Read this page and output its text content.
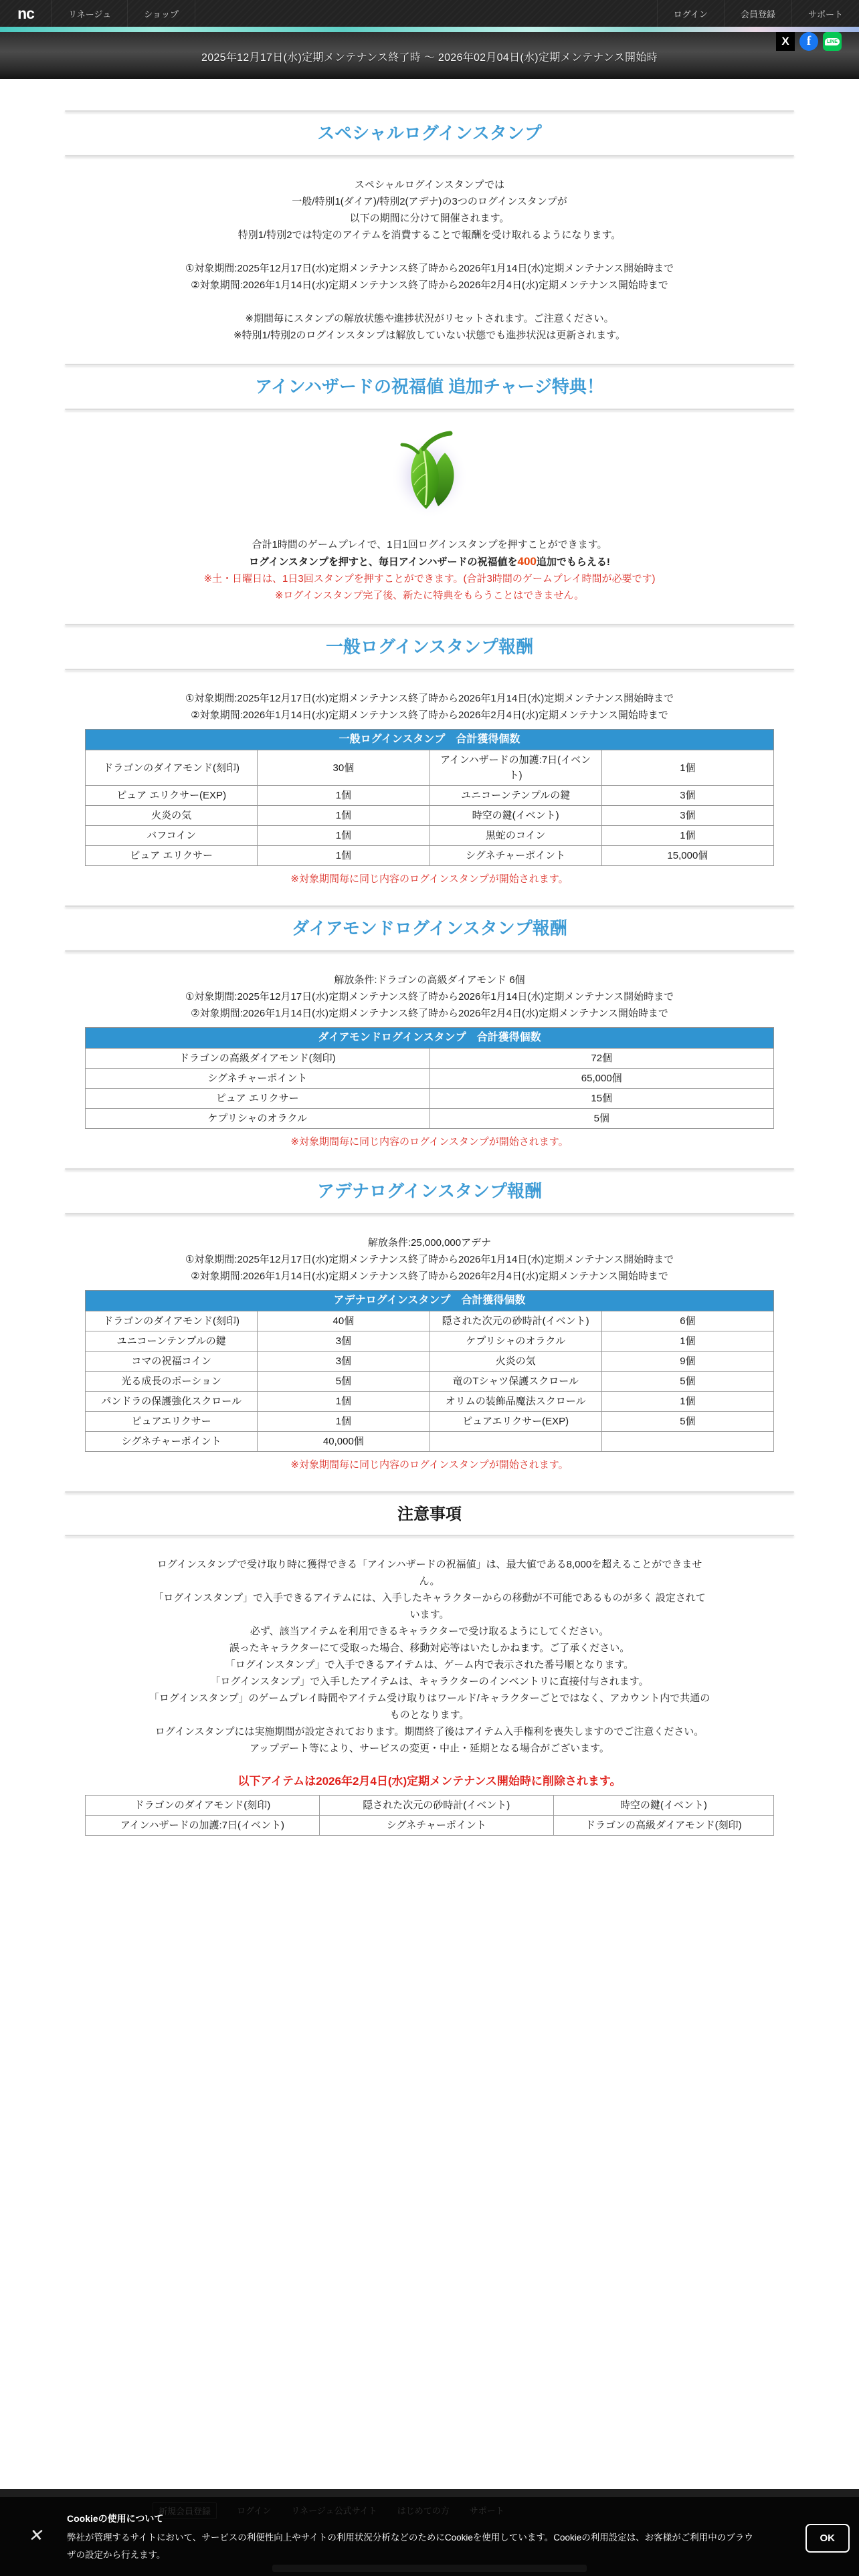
nc	リネージュ	ショップ	ログイン	会員登録	サポート
2025年12月17日(水)定期メンテナンス終了時 ～ 2026年02月04日(水)定期メンテナンス開始時
X	f	LINE
スペシャルログインスタンプ
スペシャルログインスタンプでは
一般/特別1(ダイア)/特別2(アデナ)の3つのログインスタンプが
以下の期間に分けて開催されます。
特別1/特別2では特定のアイテムを消費することで報酬を受け取れるようになります。
①対象期間:2025年12月17日(水)定期メンテナンス終了時から2026年1月14日(水)定期メンテナンス開始時まで
②対象期間:2026年1月14日(水)定期メンテナンス終了時から2026年2月4日(水)定期メンテナンス開始時まで
※期間毎にスタンプの解放状態や進捗状況がリセットされます。ご注意ください。
※特別1/特別2のログインスタンプは解放していない状態でも進捗状況は更新されます。
アインハザードの祝福値 追加チャージ特典！
合計1時間のゲームプレイで、1日1回ログインスタンプを押すことができます。
ログインスタンプを押すと、毎日アインハザードの祝福値を400追加でもらえる!
※土・日曜日は、1日3回スタンプを押すことができます。(合計3時間のゲームプレイ時間が必要です)
※ログインスタンプ完了後、新たに特典をもらうことはできません。
一般ログインスタンプ報酬
①対象期間:2025年12月17日(水)定期メンテナンス終了時から2026年1月14日(水)定期メンテナンス開始時まで
②対象期間:2026年1月14日(水)定期メンテナンス終了時から2026年2月4日(水)定期メンテナンス開始時まで
一般ログインスタンプ　合計獲得個数			
ドラゴンのダイアモンド(刻印)	30個	アインハザードの加護:7日(イベント)	1個
ピュア エリクサー(EXP)	1個	ユニコーンテンプルの鍵	3個
火炎の気	1個	時空の鍵(イベント)	3個
バフコイン	1個	黒蛇のコイン	1個
ピュア エリクサー	1個	シグネチャーポイント	15,000個
※対象期間毎に同じ内容のログインスタンプが開始されます。
ダイアモンドログインスタンプ報酬
解放条件:ドラゴンの高級ダイアモンド 6個
①対象期間:2025年12月17日(水)定期メンテナンス終了時から2026年1月14日(水)定期メンテナンス開始時まで
②対象期間:2026年1月14日(水)定期メンテナンス終了時から2026年2月4日(水)定期メンテナンス開始時まで
ダイアモンドログインスタンプ　合計獲得個数	
ドラゴンの高級ダイアモンド(刻印)	72個
シグネチャーポイント	65,000個
ピュア エリクサー	15個
ケプリシャのオラクル	5個
※対象期間毎に同じ内容のログインスタンプが開始されます。
アデナログインスタンプ報酬
解放条件:25,000,000アデナ
①対象期間:2025年12月17日(水)定期メンテナンス終了時から2026年1月14日(水)定期メンテナンス開始時まで
②対象期間:2026年1月14日(水)定期メンテナンス終了時から2026年2月4日(水)定期メンテナンス開始時まで
アデナログインスタンプ　合計獲得個数			
ドラゴンのダイアモンド(刻印)	40個	隠された次元の砂時計(イベント)	6個
ユニコーンテンプルの鍵	3個	ケプリシャのオラクル	1個
コマの祝福コイン	3個	火炎の気	9個
光る成長のポーション	5個	竜のTシャツ保護スクロール	5個
パンドラの保護強化スクロール	1個	オリムの装飾品魔法スクロール	1個
ピュアエリクサー	1個	ピュアエリクサー(EXP)	5個
シグネチャーポイント	40,000個		
※対象期間毎に同じ内容のログインスタンプが開始されます。
注意事項
ログインスタンプで受け取り時に獲得できる「アインハザードの祝福値」は、最大値である8,000を超えることができません。
「ログインスタンプ」で入手できるアイテムには、入手したキャラクターからの移動が不可能であるものが多く 設定されています。
必ず、該当アイテムを利用できるキャラクターで受け取るようにしてください。
誤ったキャラクターにて受取った場合、移動対応等はいたしかねます。ご了承ください。
「ログインスタンプ」で入手できるアイテムは、ゲーム内で表示された番号順となります。
「ログインスタンプ」で入手したアイテムは、キャラクターのインベントリに直接付与されます。
「ログインスタンプ」のゲームプレイ時間やアイテム受け取りはワールド/キャラクターごとではなく、アカウント内で共通のものとなります。
ログインスタンプには実施期間が設定されております。期間終了後はアイテム入手権利を喪失しますのでご注意ください。
アップデート等により、サービスの変更・中止・延期となる場合がございます。
以下アイテムは2026年2月4日(水)定期メンテナンス開始時に削除されます。
ドラゴンのダイアモンド(刻印)	隠された次元の砂時計(イベント)	時空の鍵(イベント)
アインハザードの加護:7日(イベント)	シグネチャーポイント	ドラゴンの高級ダイアモンド(刻印)
新規会員登録	ログイン リネージュ公式サイト はじめての方 サポート
✕
Cookieの使用について
弊社が管理するサイトにおいて、サービスの利便性向上やサイトの利用状況分析などのためにCookieを使用しています。Cookieの利用設定は、お客様がご利用中のブラウザの設定から行えます。
OK
